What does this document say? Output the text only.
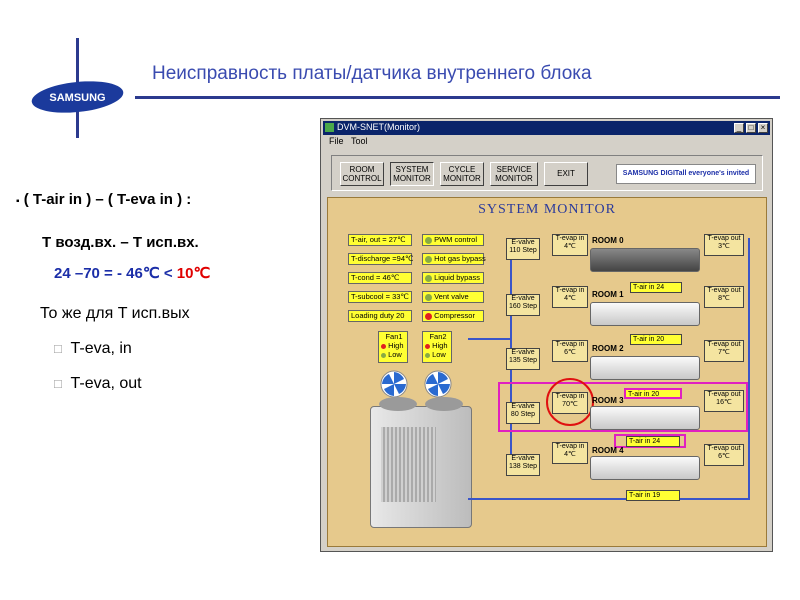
SAMSUNG
Неисправность платы/датчика внутреннего блока
▪ ( T-air in ) – ( T-eva in ) :
T возд.вх. – T исп.вх.
24 –70 = - 46℃ < 10℃
То же для T исп.вых
□ T-eva, in
□ T-eva, out
DVM-SNET(Monitor)	_ □ ×
File Tool
ROOM
CONTROL
SYSTEM
MONITOR
CYCLE
MONITOR
SERVICE
MONITOR
EXIT	SAMSUNG DIGITall everyone's invited
SYSTEM MONITOR
T-air, out = 27℃
T-discharge =94℃
T-cond = 46℃
T-subcool = 33℃
Loading duty 20
PWM control
Hot gas bypass
Liquid bypass
Vent valve
Compressor
Fan1
High
Low
Fan2
High
Low
E-valve
110 Step
T-evap in
4℃
ROOM 0	T-evap out
3℃
E-valve
160 Step
T-evap in
4℃	ROOM 1
T-air in 24	T-evap out
8℃
E-valve
135 Step
T-evap in
6℃	ROOM 2
T-air in 20
T-evap out
7℃
E-valve
80 Step
T-evap in
70℃	ROOM 3
T-air in 20	T-evap out
16℃
E-valve
138 Step
T-evap in
4℃
T-air in 24
ROOM 4	T-evap out
6℃
T-air in 19
